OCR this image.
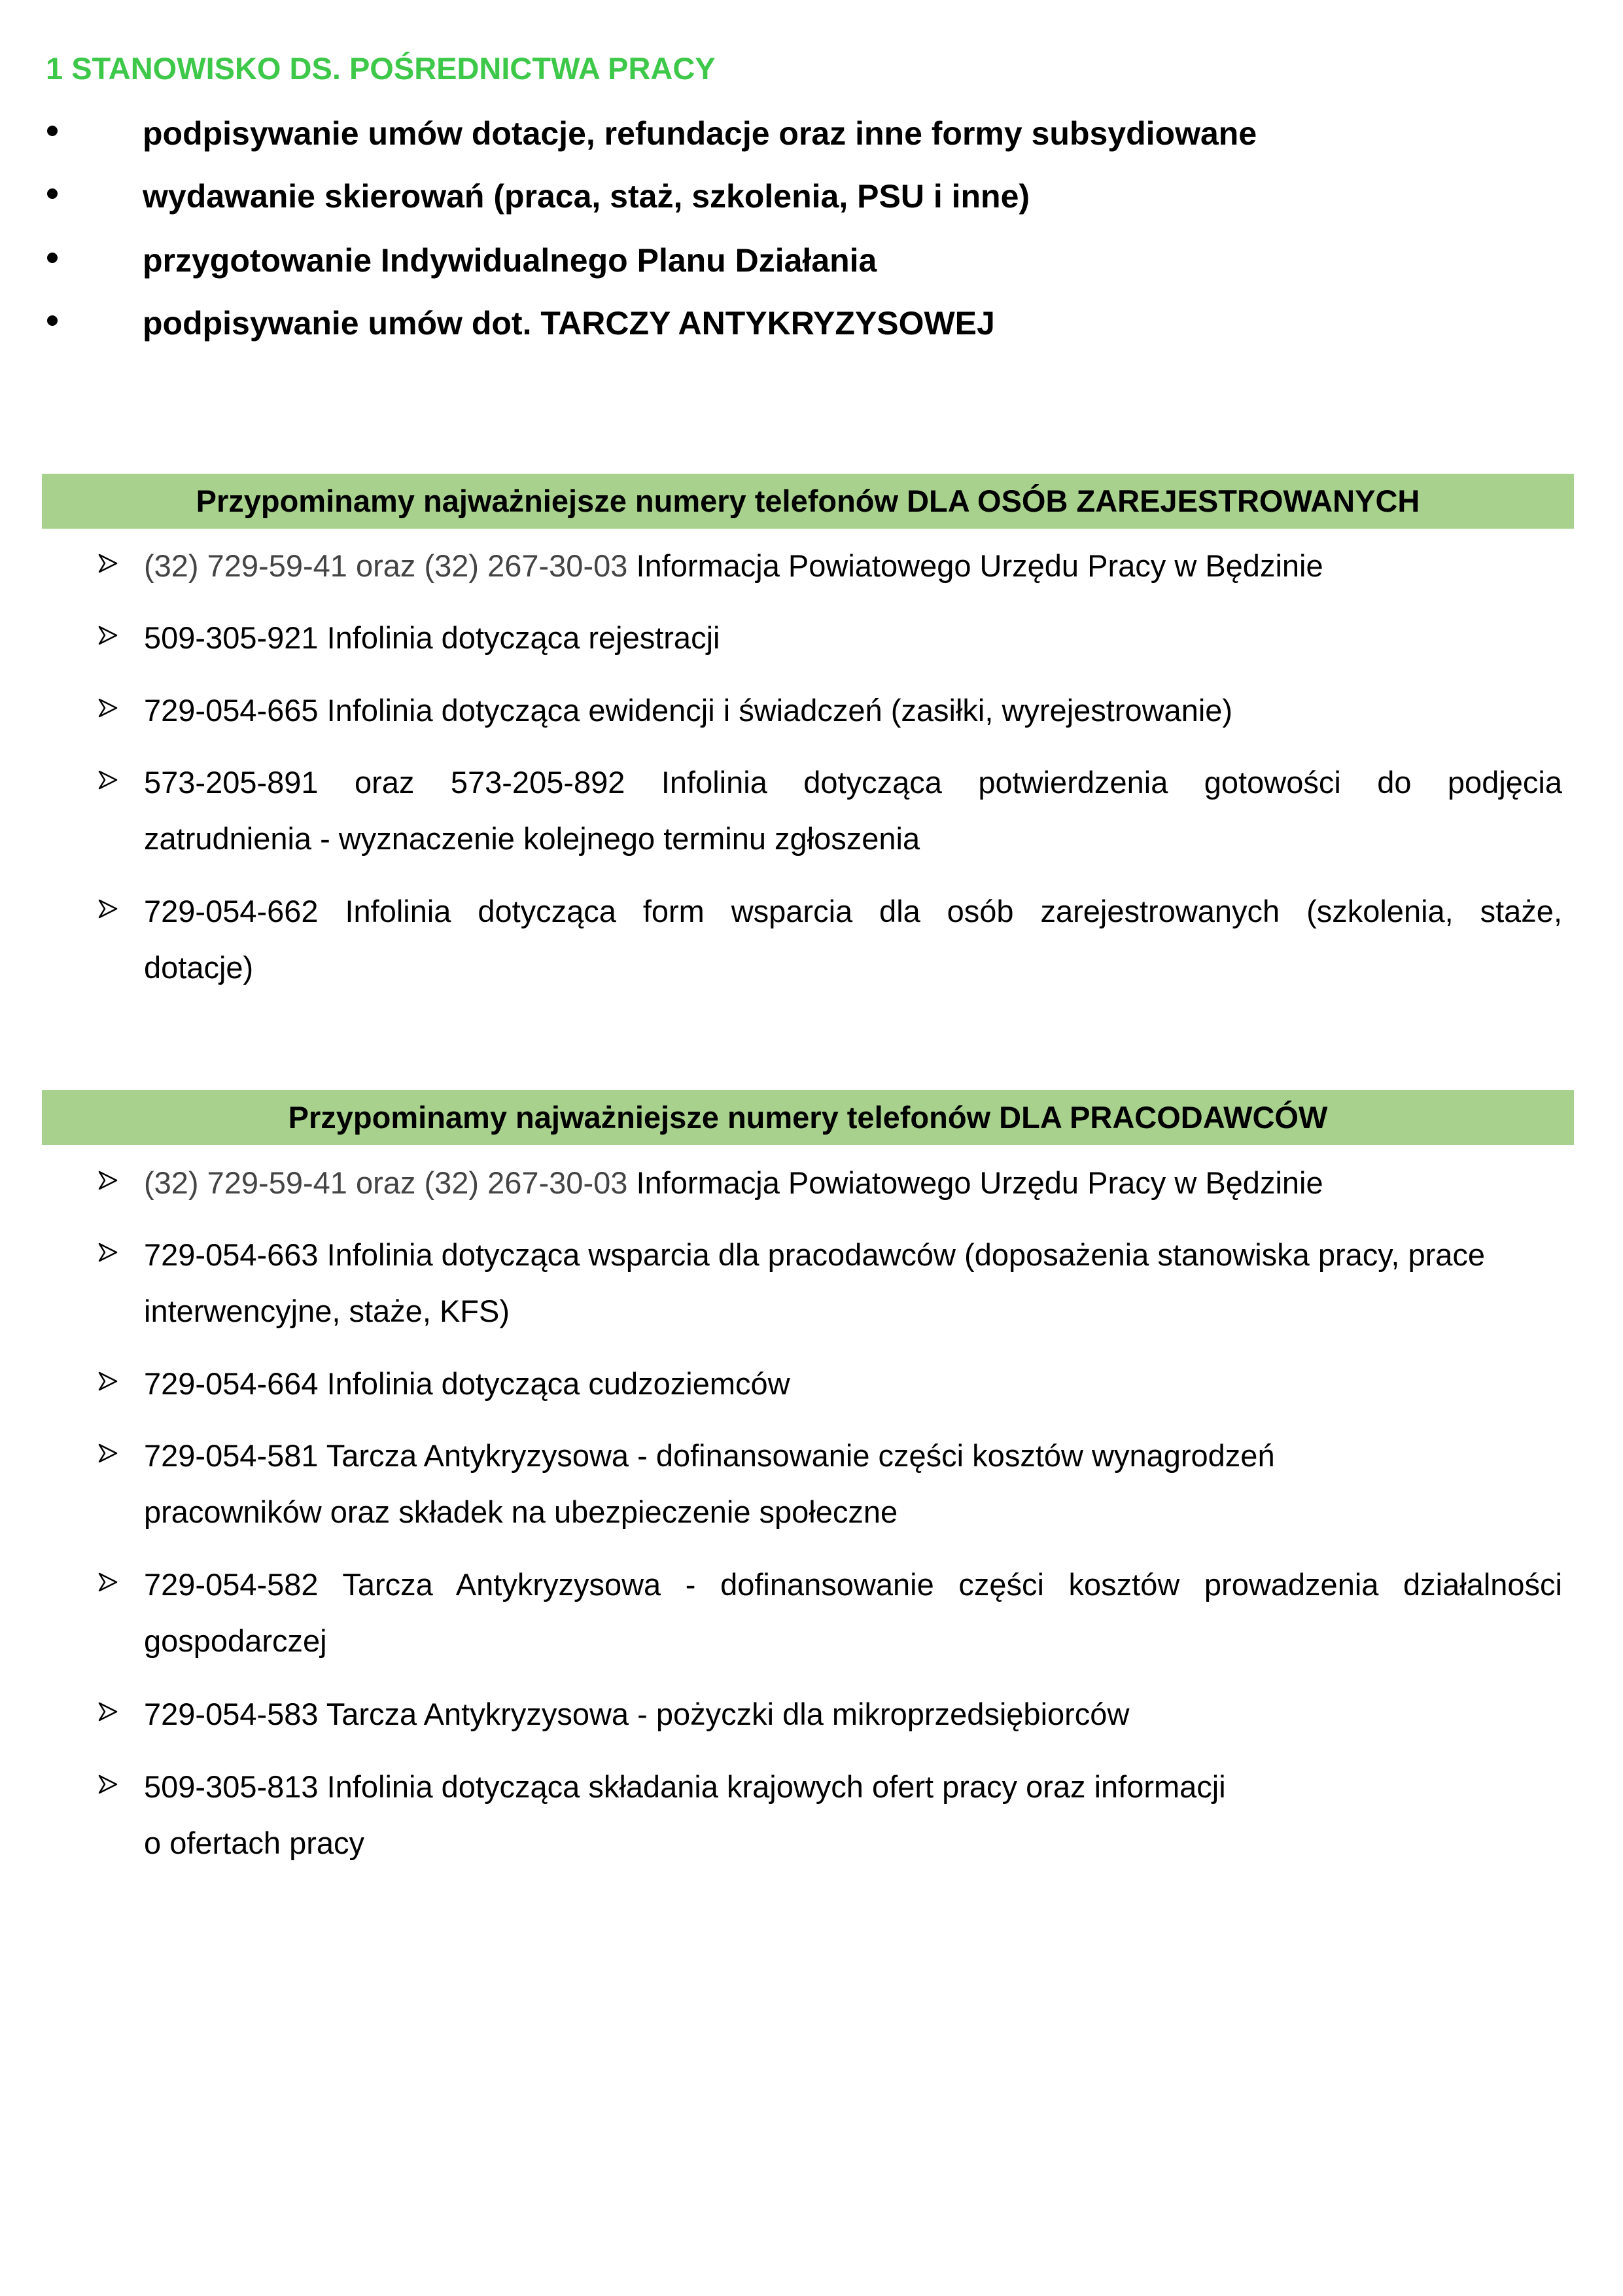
1 STANOWISKO DS. POŚREDNICTWA PRACY
podpisywanie umów dotacje, refundacje oraz inne formy subsydiowane
wydawanie skierowań (praca, staż, szkolenia, PSU i inne)
przygotowanie Indywidualnego Planu Działania
podpisywanie umów dot. TARCZY ANTYKRYZYSOWEJ
Przypominamy najważniejsze numery telefonów DLA OSÓB ZAREJESTROWANYCH
(32) 729-59-41 oraz (32) 267-30-03 Informacja Powiatowego Urzędu Pracy w Będzinie
509-305-921 Infolinia dotycząca rejestracji
729-054-665 Infolinia dotycząca ewidencji i świadczeń (zasiłki, wyrejestrowanie)
573-205-891 oraz 573-205-892 Infolinia dotycząca potwierdzenia gotowości do podjęcia
zatrudnienia - wyznaczenie kolejnego terminu zgłoszenia
729-054-662 Infolinia dotycząca form wsparcia dla osób zarejestrowanych (szkolenia, staże,
dotacje)
Przypominamy najważniejsze numery telefonów DLA PRACODAWCÓW
(32) 729-59-41 oraz (32) 267-30-03 Informacja Powiatowego Urzędu Pracy w Będzinie
729-054-663 Infolinia dotycząca wsparcia dla pracodawców (doposażenia stanowiska pracy, prace
interwencyjne, staże, KFS)
729-054-664 Infolinia dotycząca cudzoziemców
729-054-581 Tarcza Antykryzysowa - dofinansowanie części kosztów wynagrodzeń
pracowników oraz składek na ubezpieczenie społeczne
729-054-582 Tarcza Antykryzysowa - dofinansowanie części kosztów prowadzenia działalności
gospodarczej
729-054-583 Tarcza Antykryzysowa - pożyczki dla mikroprzedsiębiorców
509-305-813 Infolinia dotycząca składania krajowych ofert pracy oraz informacji
o ofertach pracy
